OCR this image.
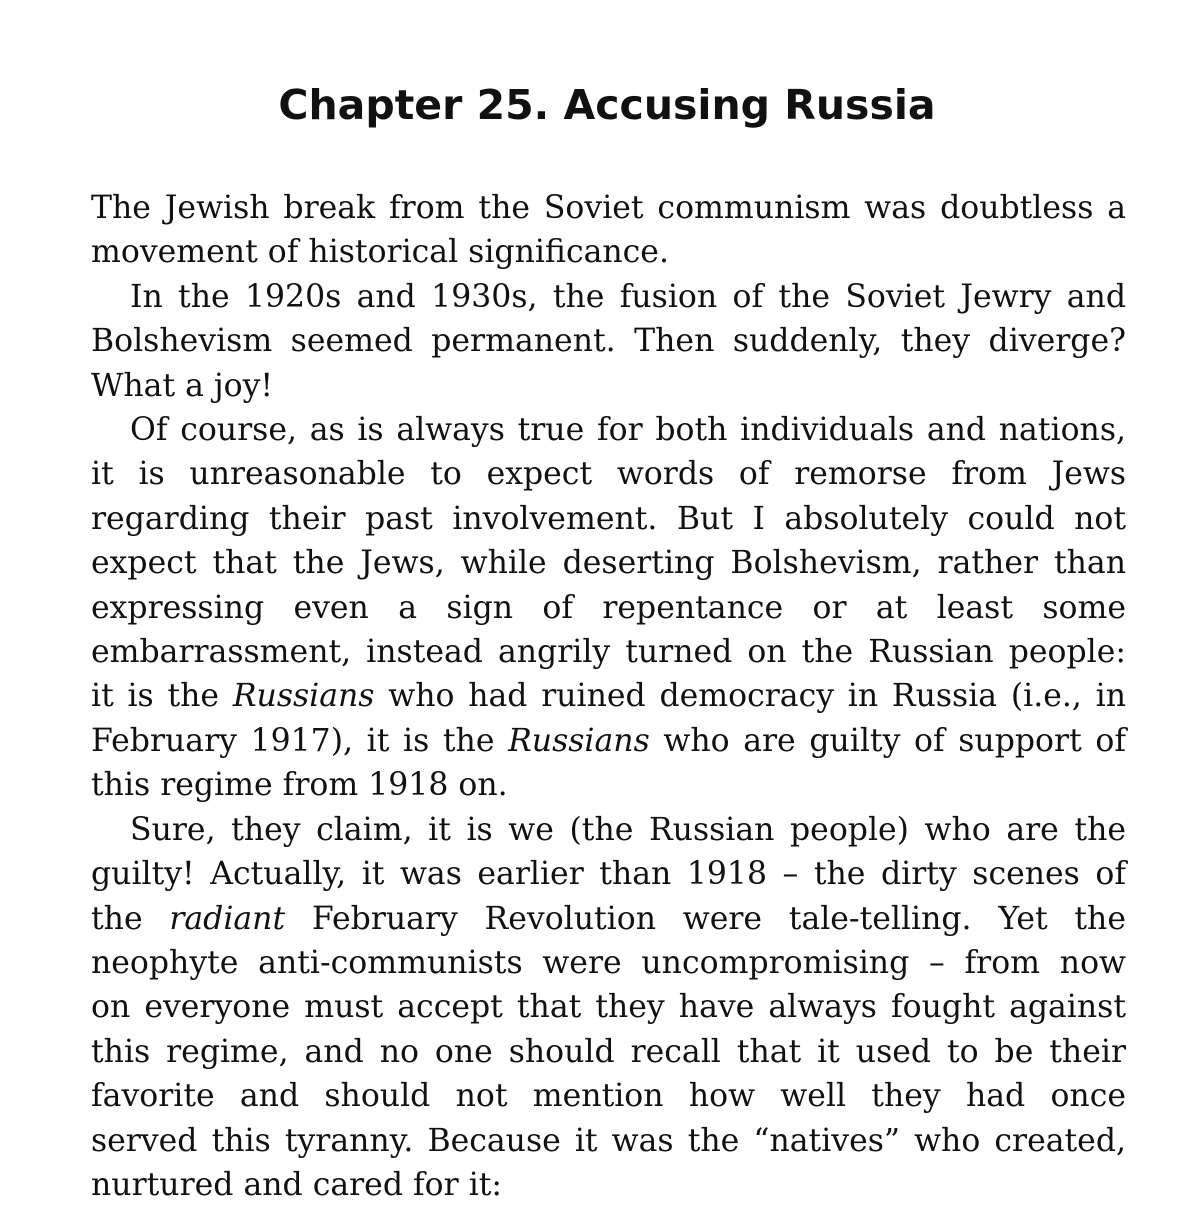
Chapter 25. Accusing Russia

The Jewish break from the Soviet communism was doubtless a
movement of historical significance.

In the 1920s and 1930s, the fusion of the Soviet Jewry and
Bolshevism seemed permanent. Then suddenly, they diverge?
What a joy!

Of course, as is always true for both individuals and nations,
it is unreasonable to expect words of remorse from Jews
regarding their past involvement. But I absolutely could not
expect that the Jews, while deserting Bolshevism, rather than
expressing even a sign of repentance or at least some
embarrassment, instead angrily turned on the Russian people:
it is the Russians who had ruined democracy in Russia (i.e., in
February 1917), it is the Russians who are guilty of support of
this regime from 1918 on.

Sure, they claim, it is we (the Russian people) who are the
guilty! Actually, it was earlier than 1918 – the dirty scenes of
the radiant February Revolution were tale-telling. Yet the
neophyte anti-communists were uncompromising – from now
on everyone must accept that they have always fought against
this regime, and no one should recall that it used to be their
favorite and should not mention how well they had once
served this tyranny. Because it was the “natives” who created,
nurtured and cared for it:
